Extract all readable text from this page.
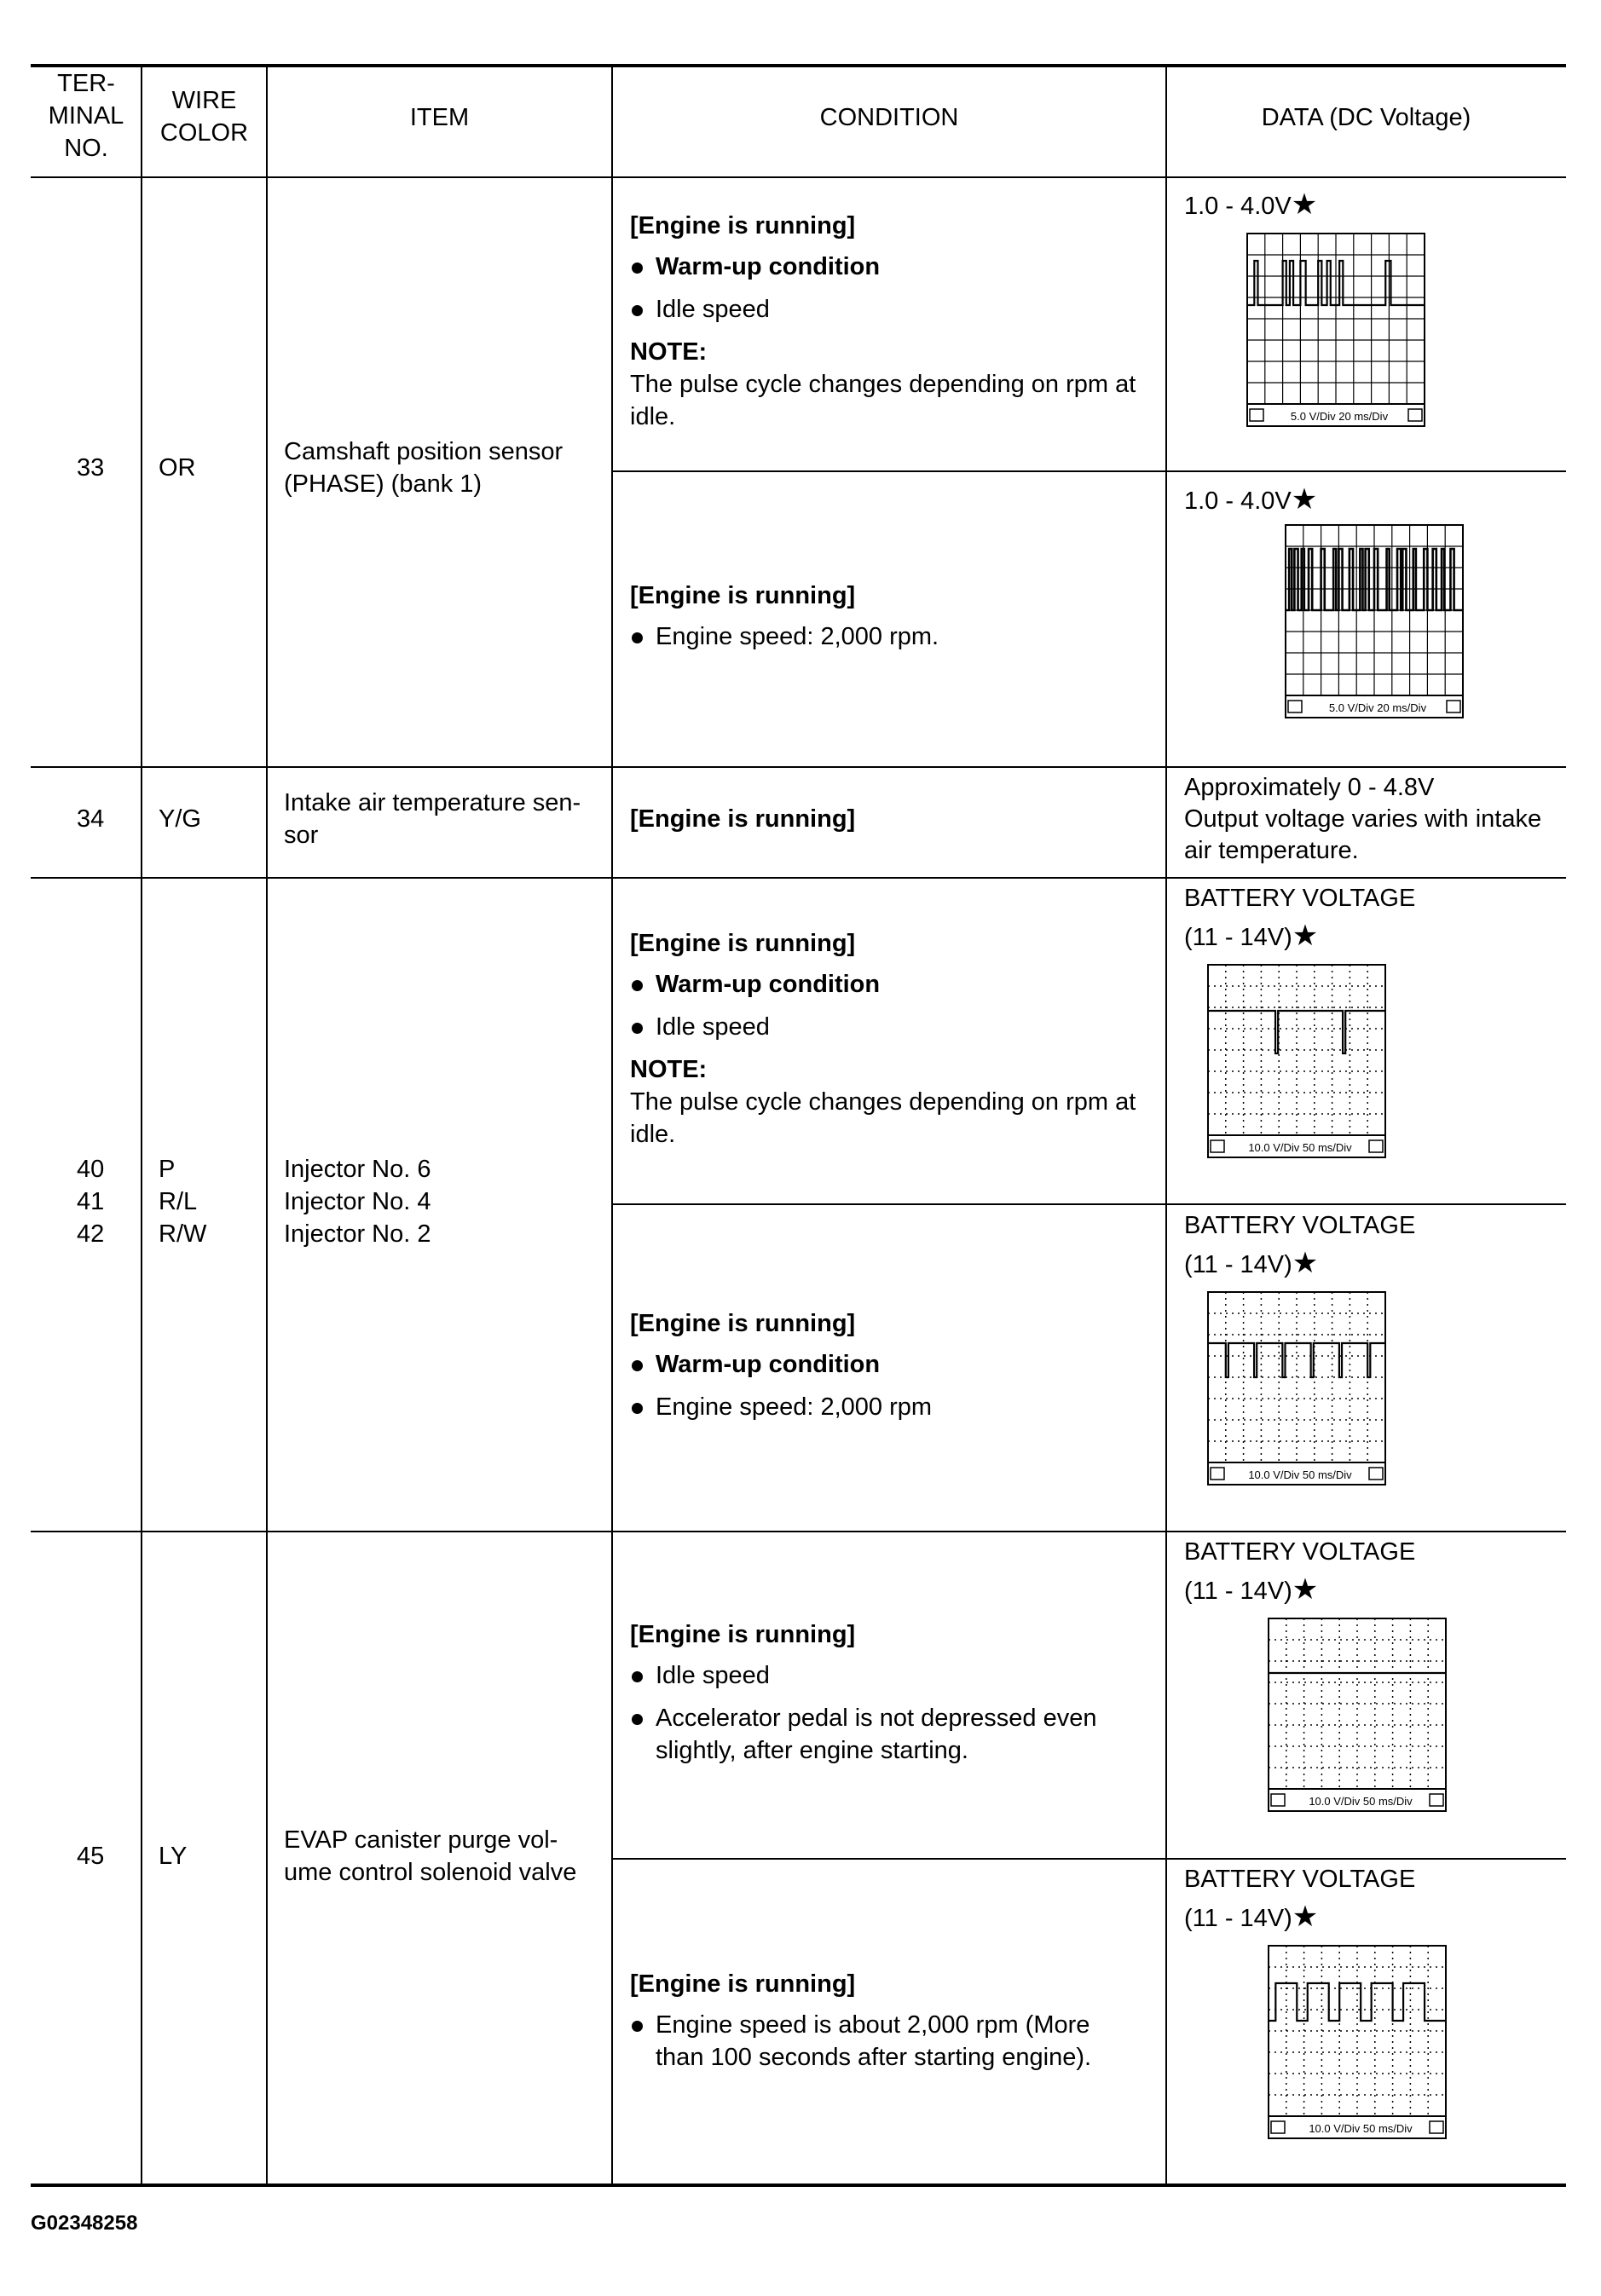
TER-
MINAL
NO.
WIRE
COLOR
ITEM	CONDITION	DATA (DC Voltage)
33 OR
Camshaft position sensor
(PHASE) (bank 1)
[Engine is running]
Warm-up condition
Idle speed
NOTE:
The pulse cycle changes depending on rpm at
idle.
1.0 - 4.0V★
5.0 V/Div 20 ms/Div
[Engine is running]
Engine speed: 2,000 rpm.
1.0 - 4.0V★
5.0 V/Div 20 ms/Div
34 Y/G
Intake air temperature sen-
sor
[Engine is running]
Approximately 0 - 4.8V
Output voltage varies with intake
air temperature.
40
41
42
P
R/L
R/W
Injector No. 6
Injector No. 4
Injector No. 2
[Engine is running]
Warm-up condition
Idle speed
NOTE:
The pulse cycle changes depending on rpm at
idle.
BATTERY VOLTAGE
(11 - 14V)★
10.0 V/Div 50 ms/Div
[Engine is running]
Warm-up condition
Engine speed: 2,000 rpm
BATTERY VOLTAGE
(11 - 14V)★
10.0 V/Div 50 ms/Div
45 LY
EVAP canister purge vol-
ume control solenoid valve
[Engine is running]
Idle speed
Accelerator pedal is not depressed even
slightly, after engine starting.
BATTERY VOLTAGE
(11 - 14V)★
10.0 V/Div 50 ms/Div
[Engine is running]
Engine speed is about 2,000 rpm (More
than 100 seconds after starting engine).
BATTERY VOLTAGE
(11 - 14V)★
10.0 V/Div 50 ms/Div
G02348258
